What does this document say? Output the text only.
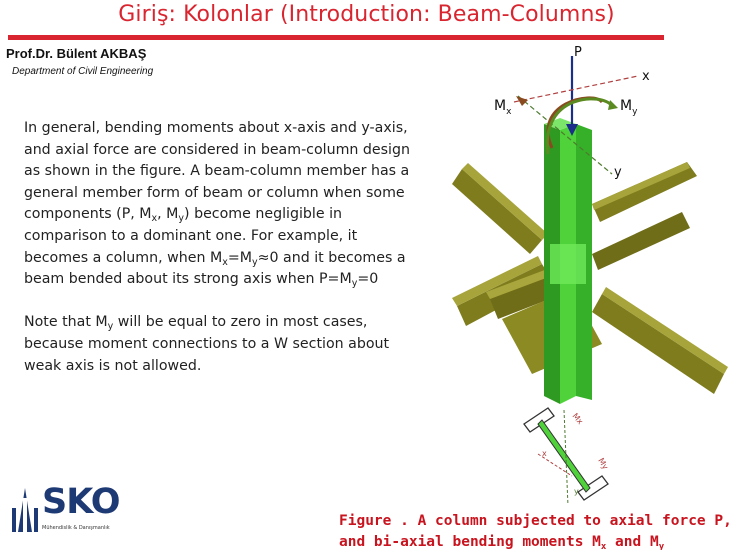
Giriş: Kolonlar (Introduction: Beam-Columns)
Prof.Dr. Bülent AKBAŞ
Department of Civil Engineering

In general, bending moments about x-axis and y-axis, and axial force are considered in beam-column design as shown in the figure. A beam-column member has a general member form of beam or column when some components (P, $M_x$, $M_y$) become negligible in comparison to a dominant one. For example, it becomes a column, when $M_x=M_y\approx 0$ and it becomes a beam bended about its strong axis when $P=M_y=0$

Note that $M_y$ will be equal to zero in most cases, because moment connections to a W section about weak axis is not allowed.

P
x
y
$M_x$	$M_y$
Mx
My
x
y
SKO
Mühendislik & Danışmanlık	Figure . A column subjected to axial force P, and bi-axial bending moments $M_x$ and $M_y$
